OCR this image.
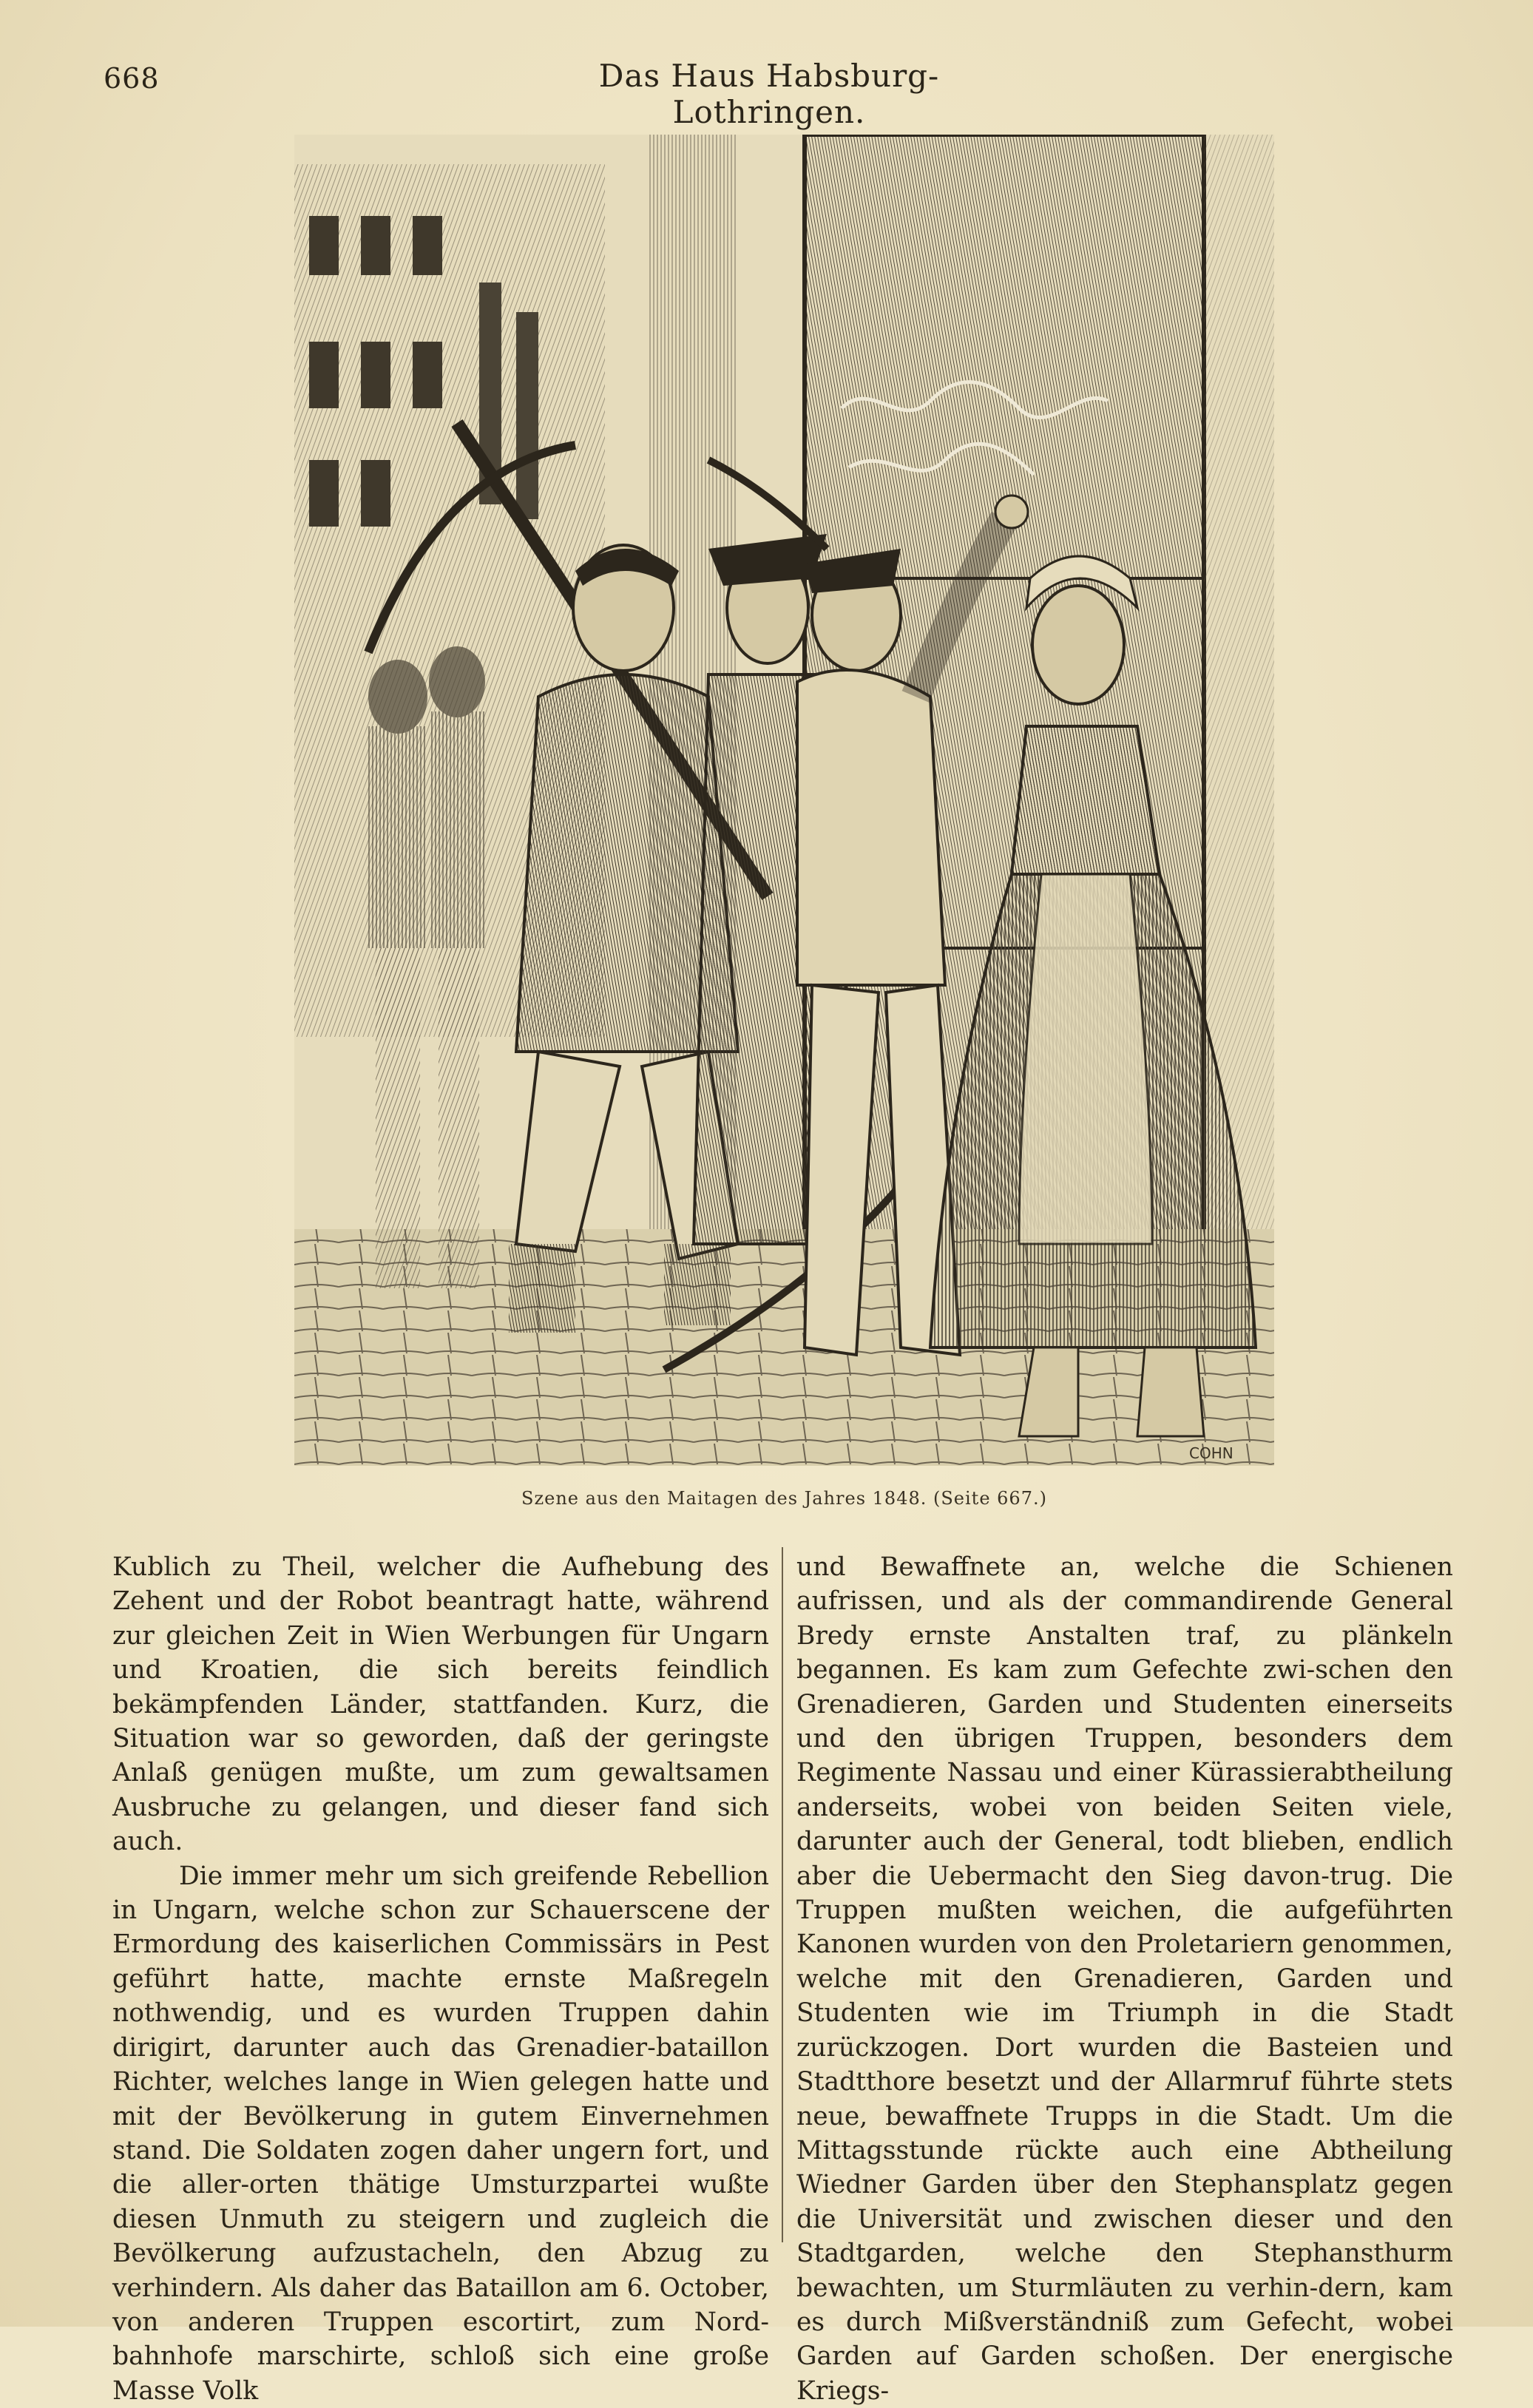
668	Das Haus Habsburg-Lothringen.
COHN
Szene aus den Maitagen des Jahres 1848. (Seite 667.)

Kublich zu Theil, welcher die Aufhebung des Zehent und der Robot beantragt hatte, während zur gleichen Zeit in Wien Werbungen für Ungarn und Kroatien, die sich bereits feindlich bekämpfenden Länder, stattfanden. Kurz, die Situation war so geworden, daß der geringste Anlaß genügen mußte, um zum gewaltsamen Ausbruche zu gelangen, und dieser fand sich auch.

Die immer mehr um sich greifende Rebellion in Ungarn, welche schon zur Schauerscene der Ermordung des kaiserlichen Commissärs in Pest geführt hatte, machte ernste Maßregeln nothwendig, und es wurden Truppen dahin dirigirt, darunter auch das Grenadier-bataillon Richter, welches lange in Wien gelegen hatte und mit der Bevölkerung in gutem Einvernehmen stand. Die Soldaten zogen daher ungern fort, und die aller-orten thätige Umsturzpartei wußte diesen Unmuth zu steigern und zugleich die Bevölkerung aufzustacheln, den Abzug zu verhindern. Als daher das Bataillon am 6. October, von anderen Truppen escortirt, zum Nord-bahnhofe marschirte, schloß sich eine große Masse Volk

und Bewaffnete an, welche die Schienen aufrissen, und als der commandirende General Bredy ernste Anstalten traf, zu plänkeln begannen. Es kam zum Gefechte zwi-schen den Grenadieren, Garden und Studenten einerseits und den übrigen Truppen, besonders dem Regimente Nassau und einer Kürassierabtheilung anderseits, wobei von beiden Seiten viele, darunter auch der General, todt blieben, endlich aber die Uebermacht den Sieg davon-trug. Die Truppen mußten weichen, die aufgeführten Kanonen wurden von den Proletariern genommen, welche mit den Grenadieren, Garden und Studenten wie im Triumph in die Stadt zurückzogen. Dort wurden die Basteien und Stadtthore besetzt und der Allarmruf führte stets neue, bewaffnete Trupps in die Stadt. Um die Mittagsstunde rückte auch eine Abtheilung Wiedner Garden über den Stephansplatz gegen die Universität und zwischen dieser und den Stadtgarden, welche den Stephansthurm bewachten, um Sturmläuten zu verhin-dern, kam es durch Mißverständniß zum Gefecht, wobei Garden auf Garden schoßen. Der energische Kriegs-
